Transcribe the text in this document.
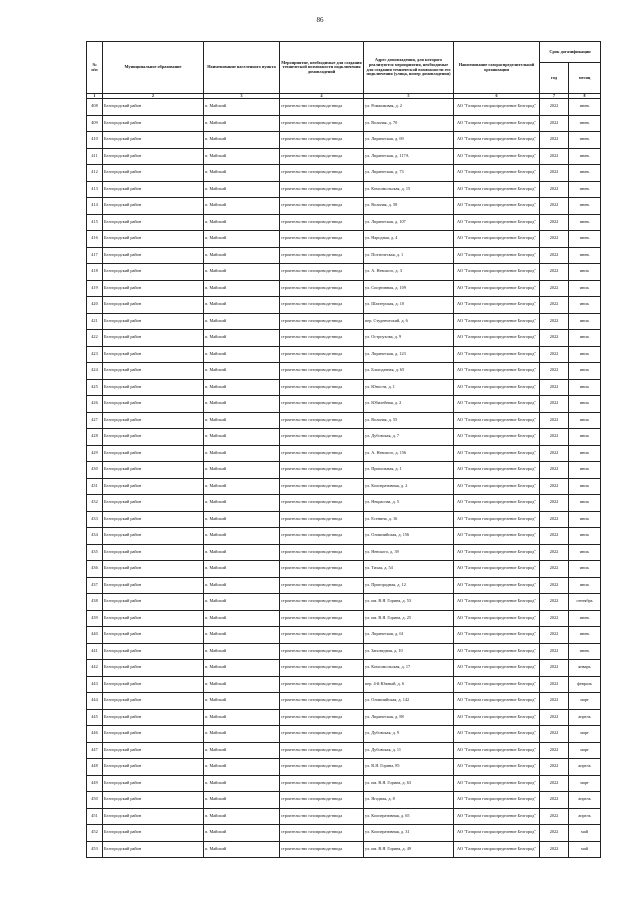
86
№
п/п	Муниципальное образование	Наименование населенного пункта	Мероприятие, необходимые для создания технической возможности подключения домовладений	Адрес домовладения, для которого реализуются мероприятия, необходимые для создания технической возможности его подключения (улица, номер домовладения)	Наименование газораспределительной организации	Срок догазификации	
						год	месяц
1	2	3	4	5	6	7	8
408	Белгородский район	п. Майский	строительство газопровода-ввода	ул. Ромашковая, д. 2	АО "Газпром газораспределение Белгород"	2022	июнь
409	Белгородский район	п. Майский	строительство газопровода-ввода	ул. Вольная, д. 70	АО "Газпром газораспределение Белгород"	2022	июнь
410	Белгородский район	п. Майский	строительство газопровода-ввода	ул. Лирическая, д. 69	АО "Газпром газораспределение Белгород"	2022	июнь
411	Белгородский район	п. Майский	строительство газопровода-ввода	ул. Лирическая, д. 117А	АО "Газпром газораспределение Белгород"	2022	июнь
412	Белгородский район	п. Майский	строительство газопровода-ввода	ул. Лирическая, д. 73	АО "Газпром газораспределение Белгород"	2022	июнь
413	Белгородский район	п. Майский	строительство газопровода-ввода	ул. Комсомольская, д. 15	АО "Газпром газораспределение Белгород"	2022	июнь
414	Белгородский район	п. Майский	строительство газопровода-ввода	ул. Вольная, д. 58	АО "Газпром газораспределение Белгород"	2022	июнь
415	Белгородский район	п. Майский	строительство газопровода-ввода	ул. Лирическая, д. 107	АО "Газпром газораспределение Белгород"	2022	июнь
416	Белгородский район	п. Майский	строительство газопровода-ввода	ул. Народная, д. 4	АО "Газпром газораспределение Белгород"	2022	июнь
417	Белгородский район	п. Майский	строительство газопровода-ввода	ул. Поэтическая, д. 1	АО "Газпром газораспределение Белгород"	2022	июнь
418	Белгородский район	п. Майский	строительство газопровода-ввода	ул. А. Невского, д. 3	АО "Газпром газораспределение Белгород"	2022	июль
419	Белгородский район	п. Майский	строительство газопровода-ввода	ул. Спортивная, д. 109	АО "Газпром газораспределение Белгород"	2022	июль
420	Белгородский район	п. Майский	строительство газопровода-ввода	ул. Шахтерская, д. 10	АО "Газпром газораспределение Белгород"	2022	июль
421	Белгородский район	п. Майский	строительство газопровода-ввода	пер. Студенческий, д. 6	АО "Газпром газораспределение Белгород"	2022	июль
422	Белгородский район	п. Майский	строительство газопровода-ввода	ул. Остроухова, д. 9	АО "Газпром газораспределение Белгород"	2022	июль
423	Белгородский район	п. Майский	строительство газопровода-ввода	ул. Лирическая, д. 123	АО "Газпром газораспределение Белгород"	2022	июль
424	Белгородский район	п. Майский	строительство газопровода-ввода	ул. Благодатная, д. 65	АО "Газпром газораспределение Белгород"	2022	июль
425	Белгородский район	п. Майский	строительство газопровода-ввода	ул. Юности, д. 1	АО "Газпром газораспределение Белгород"	2022	июль
426	Белгородский район	п. Майский	строительство газопровода-ввода	ул. Юбилейная, д. 2	АО "Газпром газораспределение Белгород"	2022	июль
427	Белгородский район	п. Майский	строительство газопровода-ввода	ул. Вольная, д. 55	АО "Газпром газораспределение Белгород"	2022	июль
428	Белгородский район	п. Майский	строительство газопровода-ввода	ул. Дубовская, д. 7	АО "Газпром газораспределение Белгород"	2022	июль
429	Белгородский район	п. Майский	строительство газопровода-ввода	ул. А. Невского, д. 156	АО "Газпром газораспределение Белгород"	2022	июль
430	Белгородский район	п. Майский	строительство газопровода-ввода	ул. Прихольная, д. 1	АО "Газпром газораспределение Белгород"	2022	июль
431	Белгородский район	п. Майский	строительство газопровода-ввода	ул. Кооперативная, д. 2	АО "Газпром газораспределение Белгород"	2022	июль
432	Белгородский район	п. Майский	строительство газопровода-ввода	ул. Некрасова, д. 5	АО "Газпром газораспределение Белгород"	2022	июль
433	Белгородский район	п. Майский	строительство газопровода-ввода	ул. Есенина, д. 16	АО "Газпром газораспределение Белгород"	2022	июль
434	Белгородский район	п. Майский	строительство газопровода-ввода	ул. Олимпийская, д. 156	АО "Газпром газораспределение Белгород"	2022	июль
435	Белгородский район	п. Майский	строительство газопровода-ввода	ул. Невского, д. 39	АО "Газпром газораспределение Белгород"	2022	июль
436	Белгородский район	п. Майский	строительство газопровода-ввода	ул. Тихая, д. 54	АО "Газпром газораспределение Белгород"	2022	июль
437	Белгородский район	п. Майский	строительство газопровода-ввода	ул. Пригородная, д. 12	АО "Газпром газораспределение Белгород"	2022	июль
438	Белгородский район	п. Майский	строительство газопровода-ввода	ул. им. В.Я. Горина, д. 53	АО "Газпром газораспределение Белгород"	2022	сентябрь
439	Белгородский район	п. Майский	строительство газопровода-ввода	ул. им. В.Я. Горина, д. 25	АО "Газпром газораспределение Белгород"	2022	июнь
440	Белгородский район	п. Майский	строительство газопровода-ввода	ул. Лирическая, д. 61	АО "Газпром газораспределение Белгород"	2022	июнь
441	Белгородский район	п. Майский	строительство газопровода-ввода	ул. Заповедная, д. 10	АО "Газпром газораспределение Белгород"	2022	июнь
442	Белгородский район	п. Майский	строительство газопровода-ввода	ул. Комсомольская, д. 17	АО "Газпром газораспределение Белгород"	2022	январь
443	Белгородский район	п. Майский	строительство газопровода-ввода	пер. 4-й Южный, д. 6	АО "Газпром газораспределение Белгород"	2022	февраль
444	Белгородский район	п. Майский	строительство газопровода-ввода	ул. Олимпийская, д. 142	АО "Газпром газораспределение Белгород"	2022	март
445	Белгородский район	п. Майский	строительство газопровода-ввода	ул. Лирическая, д. 88	АО "Газпром газораспределение Белгород"	2022	апрель
446	Белгородский район	п. Майский	строительство газопровода-ввода	ул. Дубовская, д. 9	АО "Газпром газораспределение Белгород"	2022	март
447	Белгородский район	п. Майский	строительство газопровода-ввода	ул. Дубовская, д. 11	АО "Газпром газораспределение Белгород"	2022	март
448	Белгородский район	п. Майский	строительство газопровода-ввода	ул. В.Я. Горина, 85	АО "Газпром газораспределение Белгород"	2022	апрель
449	Белгородский район	п. Майский	строительство газопровода-ввода	ул. им. В.Я. Горина, д. 63	АО "Газпром газораспределение Белгород"	2022	март
450	Белгородский район	п. Майский	строительство газопровода-ввода	ул. Ягодная, д. 8	АО "Газпром газораспределение Белгород"	2022	апрель
451	Белгородский район	п. Майский	строительство газопровода-ввода	ул. Кооперативная, д. 65	АО "Газпром газораспределение Белгород"	2022	апрель
452	Белгородский район	п. Майский	строительство газопровода-ввода	ул. Кооперативная, д. 31	АО "Газпром газораспределение Белгород"	2022	май
453	Белгородский район	п. Майский	строительство газопровода-ввода	ул. им. В.Я. Горина, д. 49	АО "Газпром газораспределение Белгород"	2022	май
